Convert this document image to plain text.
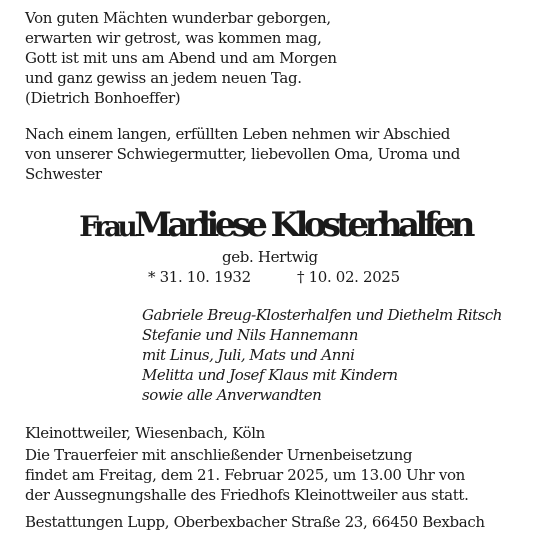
Von guten Mächten wunderbar geborgen,
erwarten wir getrost, was kommen mag,
Gott ist mit uns am Abend und am Morgen
und ganz gewiss an jedem neuen Tag.
(Dietrich Bonhoeffer)
Nach einem langen, erfüllten Leben nehmen wir Abschied
von unserer Schwiegermutter, liebevollen Oma, Uroma und
Schwester
Frau Marliese Klosterhalfen
geb. Hertwig
* 31. 10. 1932	† 10. 02. 2025
Gabriele Breug-Klosterhalfen und Diethelm Ritsch
Stefanie und Nils Hannemann
mit Linus, Juli, Mats und Anni
Melitta und Josef Klaus mit Kindern
sowie alle Anverwandten
Kleinottweiler, Wiesenbach, Köln
Die Trauerfeier mit anschließender Urnenbeisetzung
findet am Freitag, dem 21. Februar 2025, um 13.00 Uhr von
der Aussegnungshalle des Friedhofs Kleinottweiler aus statt.
Bestattungen Lupp, Oberbexbacher Straße 23, 66450 Bexbach
